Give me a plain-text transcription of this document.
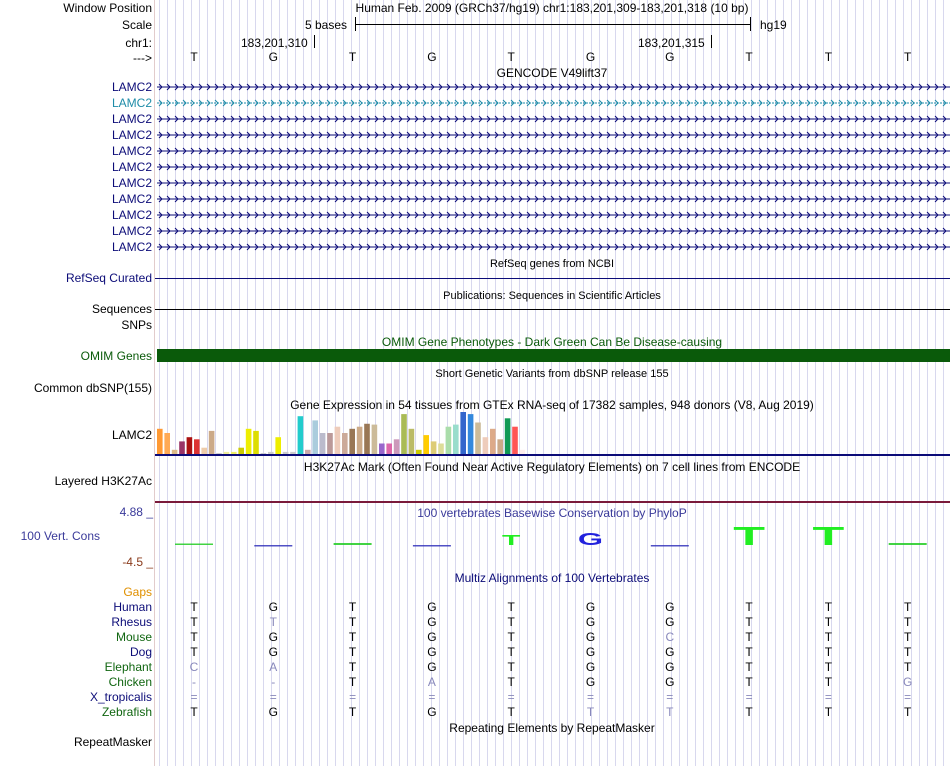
Window Position	Human Feb. 2009 (GRCh37/hg19) chr1:183,201,309-183,201,318 (10 bp)
Scale	5 bases	hg19
chr1:	183,201,310	183,201,315
--->	T	G	T	G	T	G	G	T	T	T
GENCODE V49lift37
LAMC2
LAMC2
LAMC2
LAMC2
LAMC2
LAMC2
LAMC2
LAMC2
LAMC2
LAMC2
LAMC2
RefSeq genes from NCBI
RefSeq Curated
Publications: Sequences in Scientific Articles
Sequences
SNPs
OMIM Gene Phenotypes - Dark Green Can Be Disease-causing
OMIM Genes
Short Genetic Variants from dbSNP release 155
Common dbSNP(155)
Gene Expression in 54 tissues from GTEx RNA-seq of 17382 samples, 948 donors (V8, Aug 2019)
LAMC2
H3K27Ac Mark (Often Found Near Active Regulatory Elements) on 7 cell lines from ENCODE
Layered H3K27Ac
100 vertebrates Basewise Conservation by PhyloP
4.88 _
100 Vert. Cons
-4.5 _
T	G	T T
Multiz Alignments of 100 Vertebrates
Gaps
Human	T	G	T	G	T	G	G	T	T	T
Rhesus	T	T	T	G	T	G	G	T	T	T
Mouse	T	G	T	G	T	G	C	T	T	T
Dog	T	G	T	G	T	G	G	T	T	T
Elephant	C	A	T	G	T	G	G	T	T	T
Chicken	-	-	T	A	T	G	G	T	T	G
X_tropicalis	=	=	=	=	=	=	=	=	=	=
Zebrafish	T	G	T	G	T	T	T	T	T	T
Repeating Elements by RepeatMasker
RepeatMasker
